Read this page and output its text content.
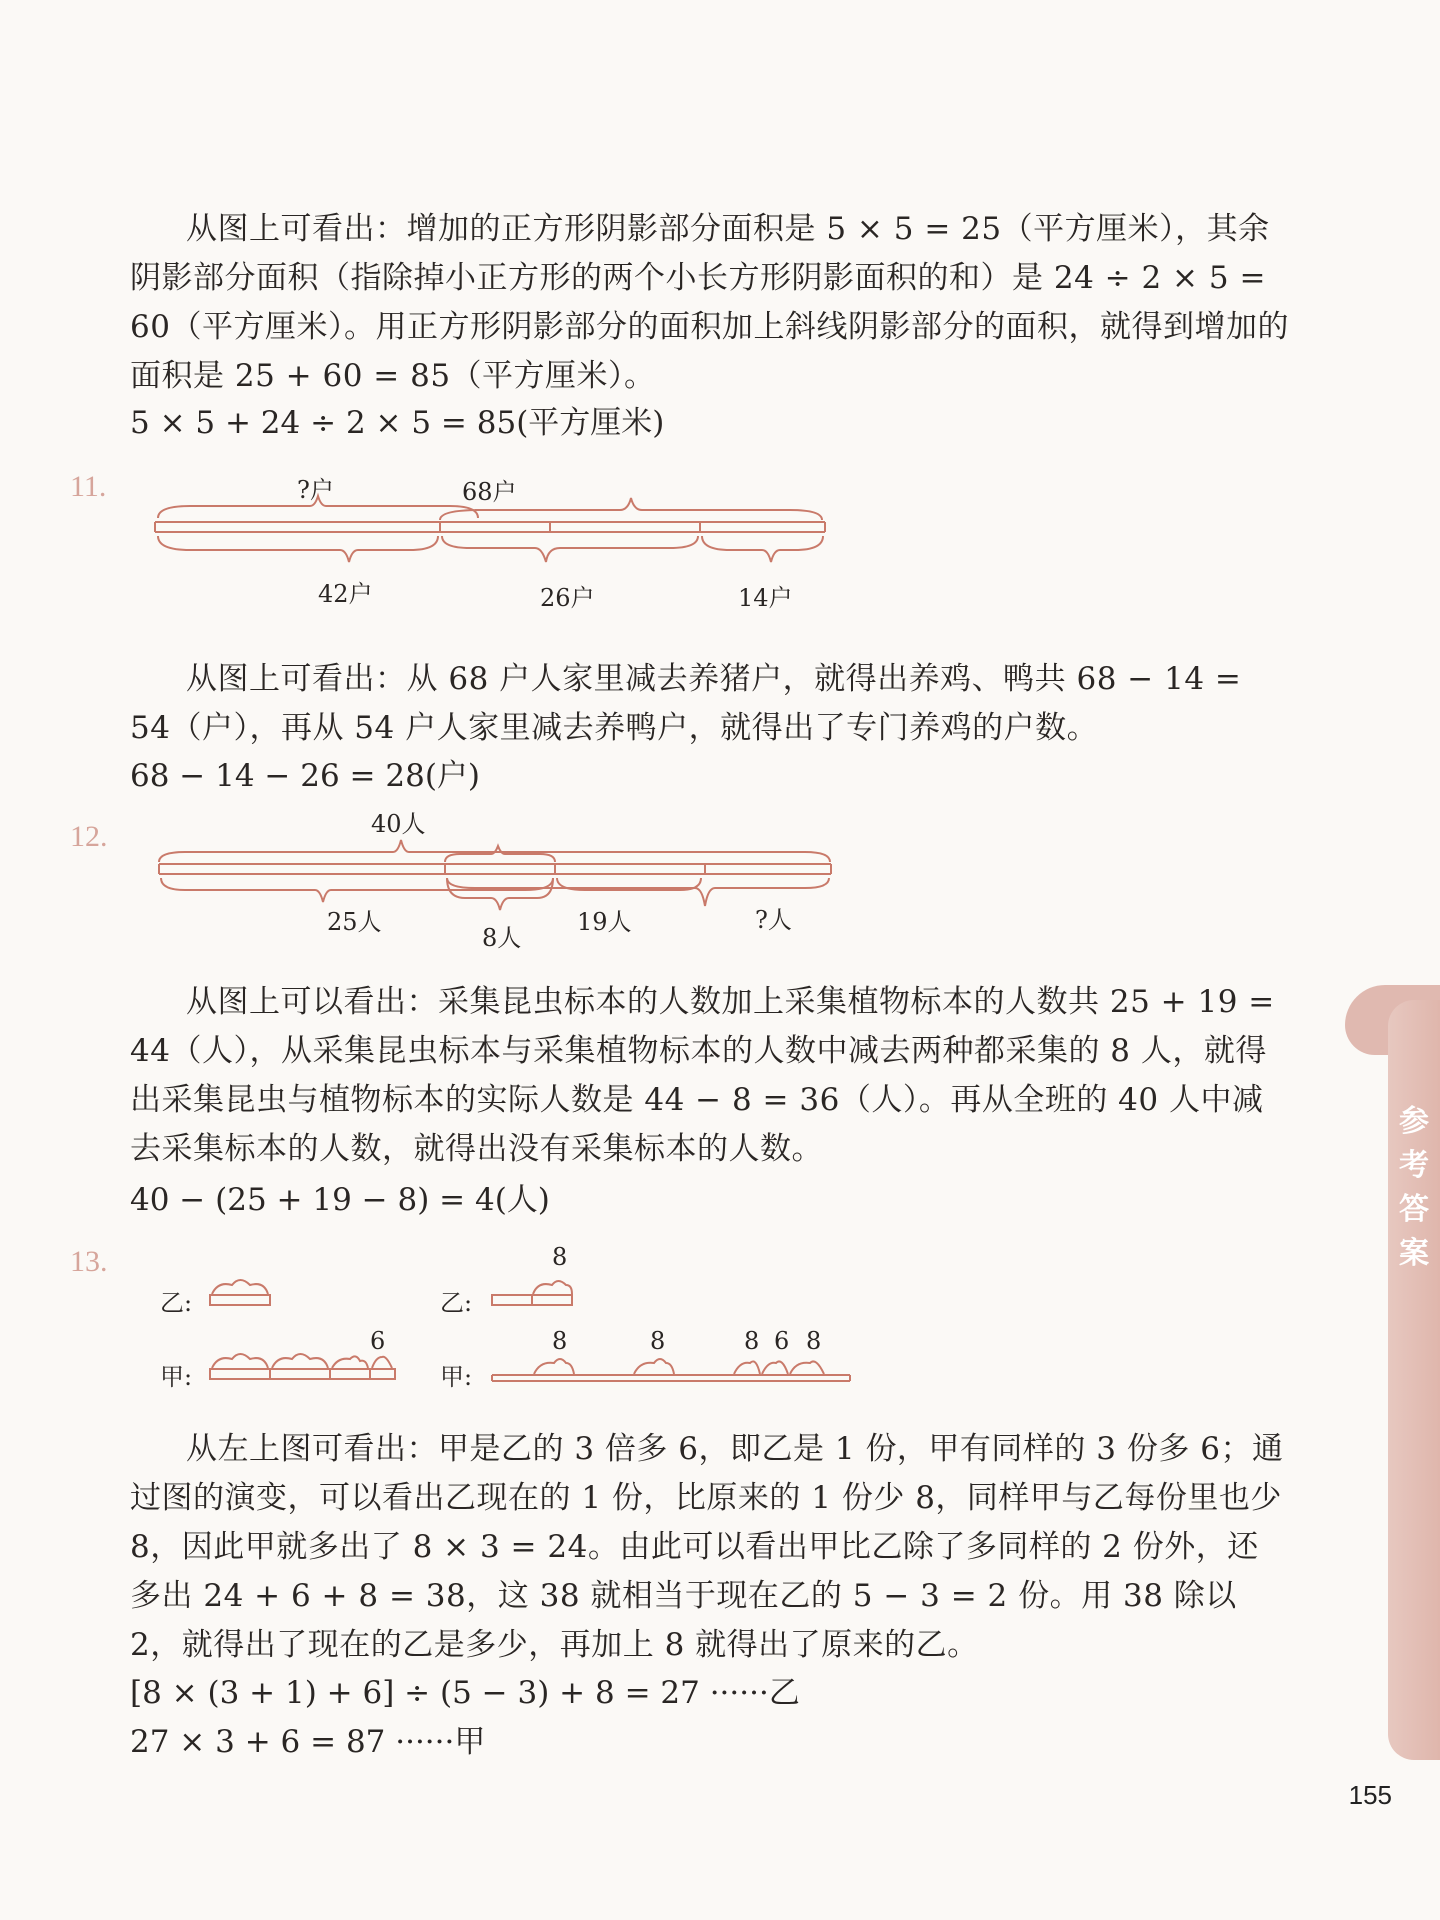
从图上可看出：增加的正方形阴影部分面积是 5 × 5 = 25（平方厘米），其余阴影部分面积（指除掉小正方形的两个小长方形阴影面积的和）是 24 ÷ 2 × 5 = 60（平方厘米）。用正方形阴影部分的面积加上斜线阴影部分的面积，就得到增加的面积是 25 + 60 = 85（平方厘米）。

5 × 5 + 24 ÷ 2 × 5 = 85(平方厘米)

11.	?户	68户
42户	26户	14户

从图上可看出：从 68 户人家里减去养猪户，就得出养鸡、鸭共 68 − 14 = 54（户），再从 54 户人家里减去养鸭户，就得出了专门养鸡的户数。

68 − 14 − 26 = 28(户)

12.	40人
25人
8人
19人	?人

从图上可以看出：采集昆虫标本的人数加上采集植物标本的人数共 25 + 19 = 44（人），从采集昆虫标本与采集植物标本的人数中减去两种都采集的 8 人，就得出采集昆虫与植物标本的实际人数是 44 − 8 = 36（人）。再从全班的 40 人中减去采集标本的人数，就得出没有采集标本的人数。

40 − (25 + 19 − 8) = 4(人)

13.
乙:
甲:
6
乙:
8
甲:
8	8	8 6 8

从左上图可看出：甲是乙的 3 倍多 6，即乙是 1 份，甲有同样的 3 份多 6；通过图的演变，可以看出乙现在的 1 份，比原来的 1 份少 8，同样甲与乙每份里也少 8，因此甲就多出了 8 × 3 = 24。由此可以看出甲比乙除了多同样的 2 份外，还多出 24 + 6 + 8 = 38，这 38 就相当于现在乙的 5 − 3 = 2 份。用 38 除以 2，就得出了现在的乙是多少，再加上 8 就得出了原来的乙。

[8 × (3 + 1) + 6] ÷ (5 − 3) + 8 = 27 ······乙

27 × 3 + 6 = 87 ······甲

参考答案
155
